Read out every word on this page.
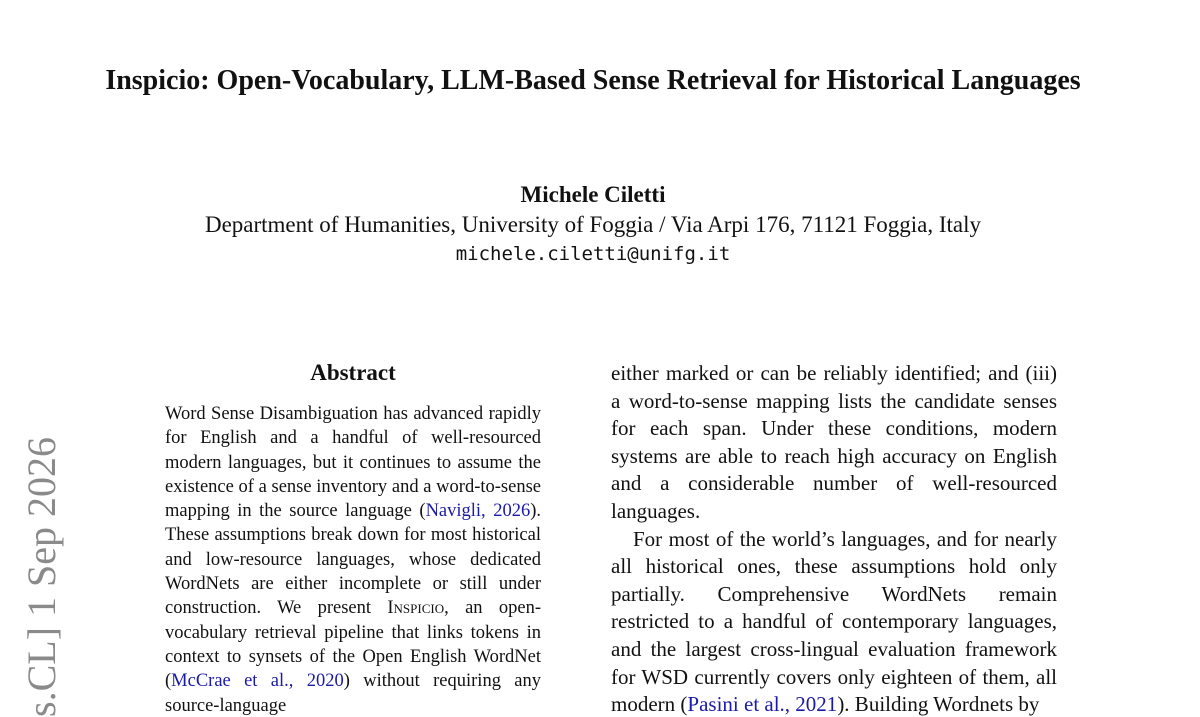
Inspicio: Open-Vocabulary, LLM-Based Sense Retrieval for Historical Languages
Michele Ciletti
Department of Humanities, University of Foggia / Via Arpi 176, 71121 Foggia, Italy
michele.ciletti@unifg.it
s.CL] 1 Sep 2026
Abstract

Word Sense Disambiguation has advanced rapidly for English and a handful of well-resourced modern languages, but it continues to assume the existence of a sense inventory and a word-to-sense mapping in the source language (Navigli, 2026). These assumptions break down for most historical and low-resource languages, whose dedicated WordNets are either incomplete or still under construction. We present Inspicio, an open-vocabulary retrieval pipeline that links tokens in context to synsets of the Open English WordNet (McCrae et al., 2020) without requiring any source-language

either marked or can be reliably identified; and (iii) a word-to-sense mapping lists the candidate senses for each span. Under these conditions, modern systems are able to reach high accuracy on English and a considerable number of well-resourced languages.

For most of the world’s languages, and for nearly all historical ones, these assumptions hold only partially. Comprehensive WordNets remain restricted to a handful of contemporary languages, and the largest cross-lingual evaluation framework for WSD currently covers only eighteen of them, all modern (Pasini et al., 2021). Building Wordnets by
